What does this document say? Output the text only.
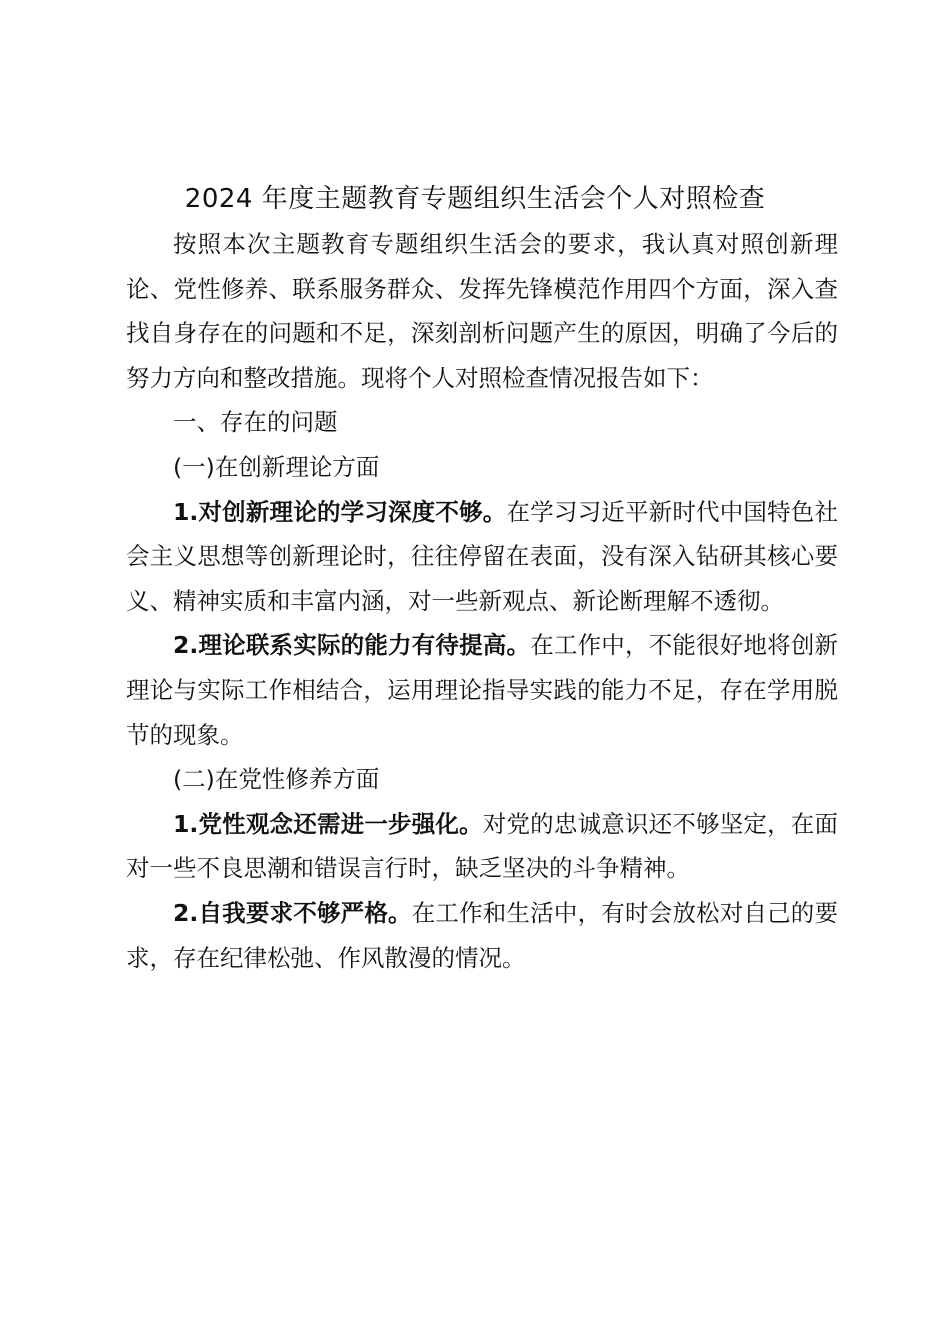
2024 年度主题教育专题组织生活会个人对照检查

按照本次主题教育专题组织生活会的要求，我认真对照创新理论、党性修养、联系服务群众、发挥先锋模范作用四个方面，深入查找自身存在的问题和不足，深刻剖析问题产生的原因，明确了今后的努力方向和整改措施。现将个人对照检查情况报告如下：

一、存在的问题

(一)在创新理论方面

1.对创新理论的学习深度不够。在学习习近平新时代中国特色社会主义思想等创新理论时，往往停留在表面，没有深入钻研其核心要义、精神实质和丰富内涵，对一些新观点、新论断理解不透彻。

2.理论联系实际的能力有待提高。在工作中，不能很好地将创新理论与实际工作相结合，运用理论指导实践的能力不足，存在学用脱节的现象。

(二)在党性修养方面

1.党性观念还需进一步强化。对党的忠诚意识还不够坚定，在面对一些不良思潮和错误言行时，缺乏坚决的斗争精神。

2.自我要求不够严格。在工作和生活中，有时会放松对自己的要求，存在纪律松弛、作风散漫的情况。
